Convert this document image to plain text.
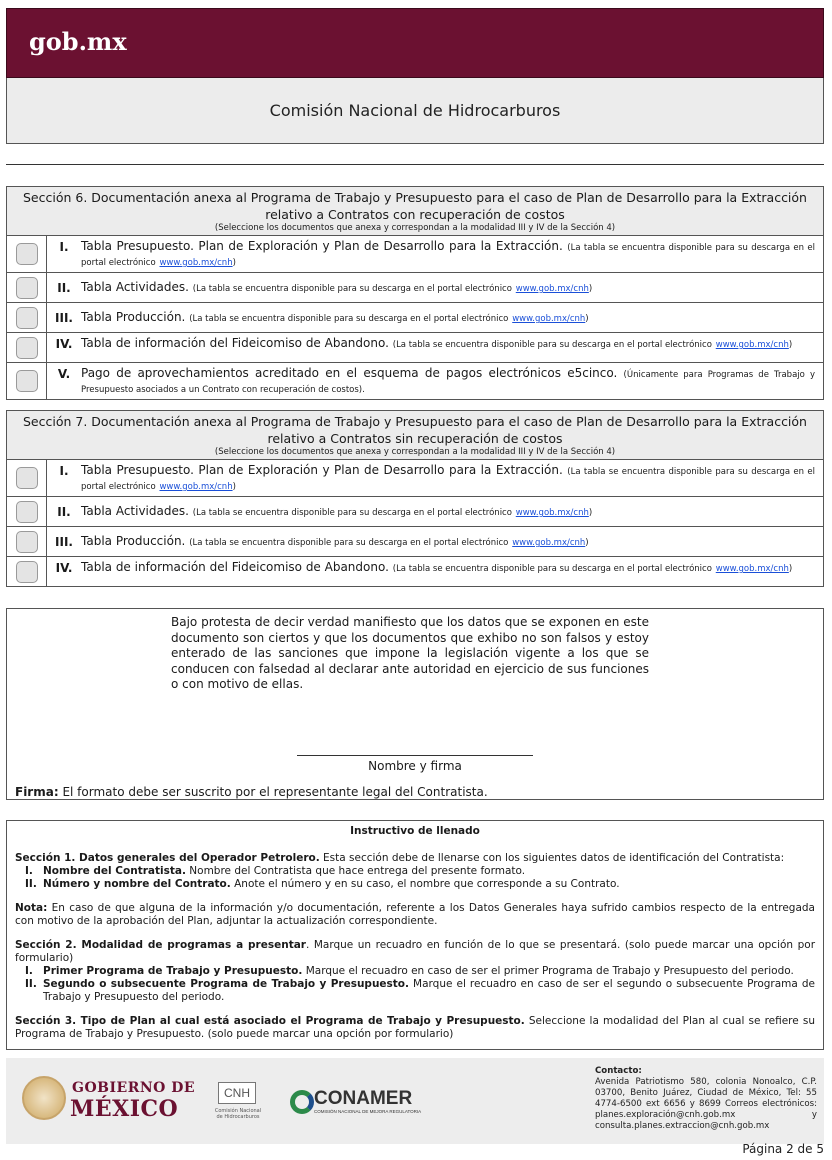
gob.mx
Comisión Nacional de Hidrocarburos
Sección 6. Documentación anexa al Programa de Trabajo y Presupuesto para el caso de Plan de Desarrollo para la Extracción relativo a Contratos con recuperación de costos
(Seleccione los documentos que anexa y correspondan a la modalidad III y IV de la Sección 4)
I.	Tabla Presupuesto. Plan de Exploración y Plan de Desarrollo para la Extracción. (La tabla se encuentra disponible para su descarga en el portal electrónico www.gob.mx/cnh)
II. Tabla Actividades. (La tabla se encuentra disponible para su descarga en el portal electrónico www.gob.mx/cnh)
III. Tabla Producción. (La tabla se encuentra disponible para su descarga en el portal electrónico www.gob.mx/cnh)
IV. Tabla de información del Fideicomiso de Abandono. (La tabla se encuentra disponible para su descarga en el portal electrónico www.gob.mx/cnh)
V. Pago de aprovechamientos acreditado en el esquema de pagos electrónicos e5cinco. (Únicamente para Programas de Trabajo y Presupuesto asociados a un Contrato con recuperación de costos).
Sección 7. Documentación anexa al Programa de Trabajo y Presupuesto para el caso de Plan de Desarrollo para la Extracción relativo a Contratos sin recuperación de costos
(Seleccione los documentos que anexa y correspondan a la modalidad III y IV de la Sección 4)
I.	Tabla Presupuesto. Plan de Exploración y Plan de Desarrollo para la Extracción. (La tabla se encuentra disponible para su descarga en el portal electrónico www.gob.mx/cnh)
II. Tabla Actividades. (La tabla se encuentra disponible para su descarga en el portal electrónico www.gob.mx/cnh)
III. Tabla Producción. (La tabla se encuentra disponible para su descarga en el portal electrónico www.gob.mx/cnh)
IV. Tabla de información del Fideicomiso de Abandono. (La tabla se encuentra disponible para su descarga en el portal electrónico www.gob.mx/cnh)
Bajo protesta de decir verdad manifiesto que los datos que se exponen en este documento son ciertos y que los documentos que exhibo no son falsos y estoy enterado de las sanciones que impone la legislación vigente a los que se conducen con falsedad al declarar ante autoridad en ejercicio de sus funciones o con motivo de ellas.
Nombre y firma
Firma: El formato debe ser suscrito por el representante legal del Contratista.
Instructivo de llenado
Sección 1. Datos generales del Operador Petrolero. Esta sección debe de llenarse con los siguientes datos de identificación del Contratista:
I. Nombre del Contratista. Nombre del Contratista que hace entrega del presente formato.
II. Número y nombre del Contrato. Anote el número y en su caso, el nombre que corresponde a su Contrato.
Nota: En caso de que alguna de la información y/o documentación, referente a los Datos Generales haya sufrido cambios respecto de la entregada con motivo de la aprobación del Plan, adjuntar la actualización correspondiente.
Sección 2. Modalidad de programas a presentar. Marque un recuadro en función de lo que se presentará. (solo puede marcar una opción por formulario)
I. Primer Programa de Trabajo y Presupuesto. Marque el recuadro en caso de ser el primer Programa de Trabajo y Presupuesto del periodo.
II. Segundo o subsecuente Programa de Trabajo y Presupuesto. Marque el recuadro en caso de ser el segundo o subsecuente Programa de Trabajo y Presupuesto del periodo.
Sección 3. Tipo de Plan al cual está asociado el Programa de Trabajo y Presupuesto. Seleccione la modalidad del Plan al cual se refiere su Programa de Trabajo y Presupuesto. (solo puede marcar una opción por formulario)
GOBIERNO DE
MÉXICO
CNH
Comisión Nacional de Hidrocarburos
CONAMER
COMISIÓN NACIONAL DE MEJORA REGULATORIA
Contacto:
Avenida Patriotismo 580, colonia Nonoalco, C.P. 03700, Benito Juárez, Ciudad de México, Tel: 55 4774-6500 ext 6656 y 8699 Correos electrónicos: planes.exploración@cnh.gob.mx y consulta.planes.extraccion@cnh.gob.mx
Página 2 de 5
